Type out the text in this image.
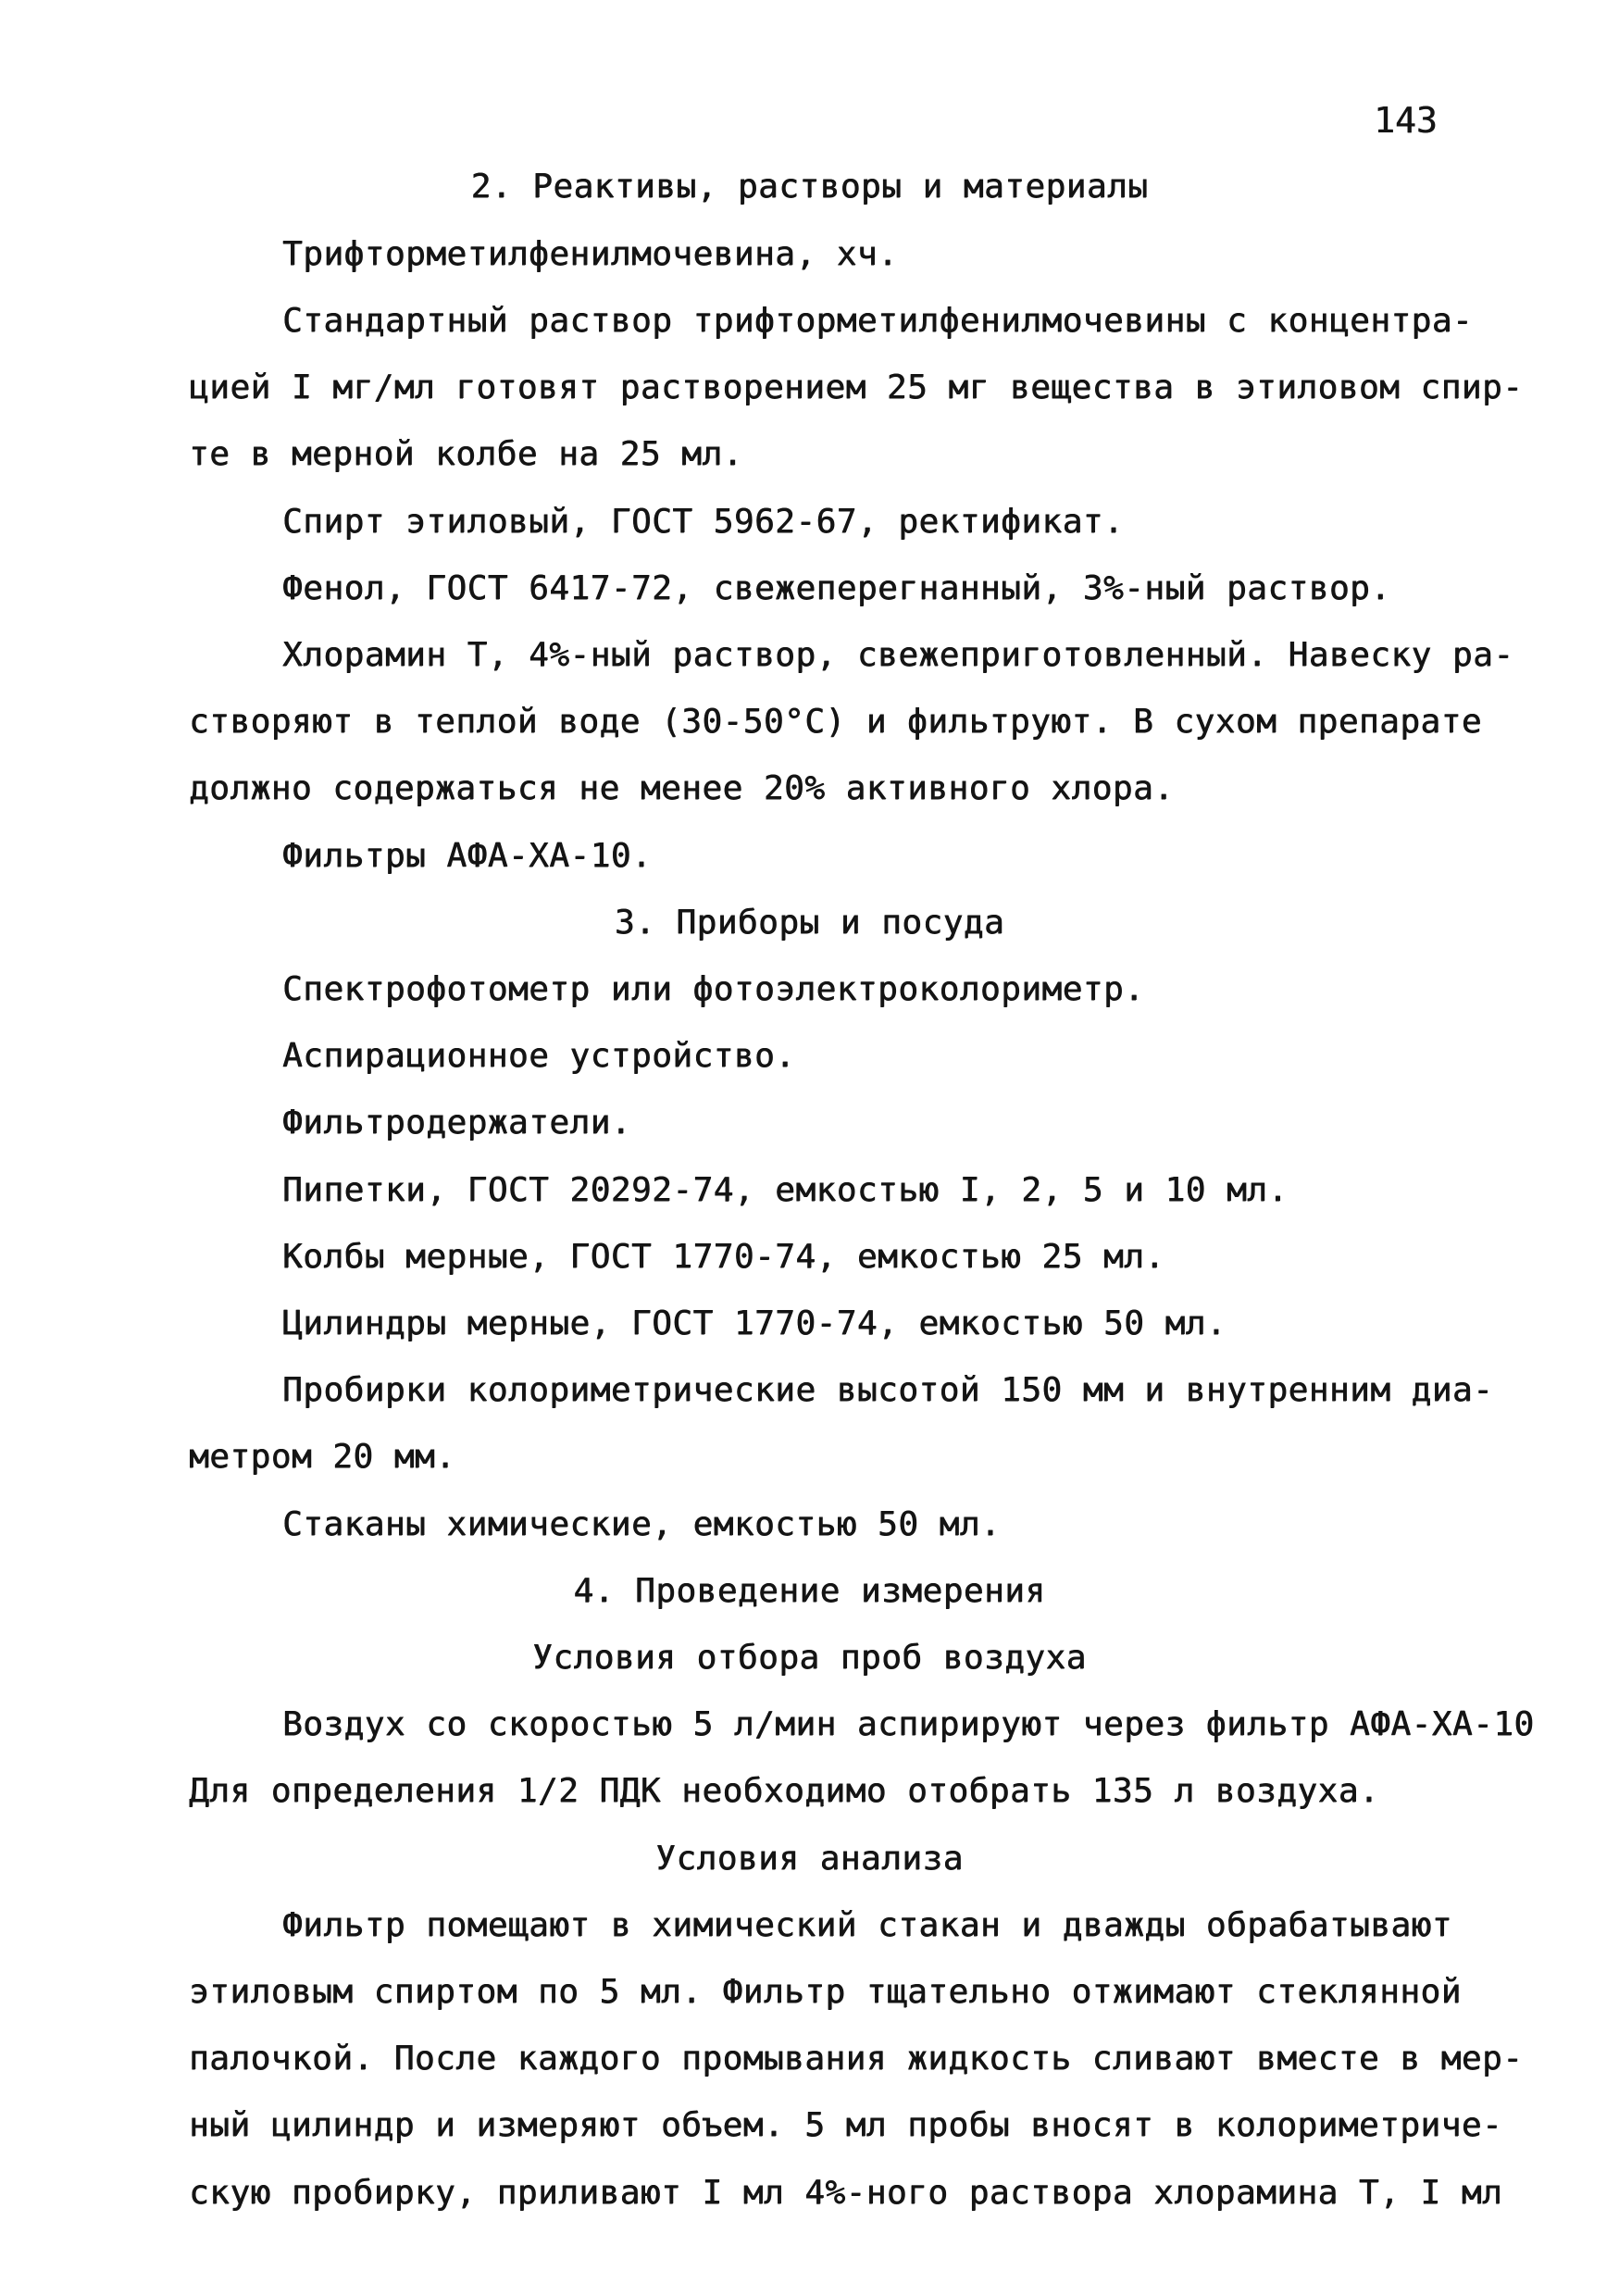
143
2. Реактивы, растворы и материалы
Трифторметилфенилмочевина, хч.
Стандартный раствор трифторметилфенилмочевины с концентра-
цией I мг/мл готовят растворением 25 мг вещества в этиловом спир-
те в мерной колбе на 25 мл.
Спирт этиловый, ГОСТ 5962-67, ректификат.
Фенол, ГОСТ 6417-72, свежеперегнанный, 3%-ный раствор.
Хлорамин Т, 4%-ный раствор, свежеприготовленный. Навеску ра-
створяют в теплой воде (30-50°С) и фильтруют. В сухом препарате
должно содержаться не менее 20% активного хлора.
Фильтры АФА-ХА-10.
3. Приборы и посуда
Спектрофотометр или фотоэлектроколориметр.
Аспирационное устройство.
Фильтродержатели.
Пипетки, ГОСТ 20292-74, емкостью I, 2, 5 и 10 мл.
Колбы мерные, ГОСТ 1770-74, емкостью 25 мл.
Цилиндры мерные, ГОСТ 1770-74, емкостью 50 мл.
Пробирки колориметрические высотой 150 мм и внутренним диа-
метром 20 мм.
Стаканы химические, емкостью 50 мл.
4. Проведение измерения
Условия отбора проб воздуха
Воздух со скоростью 5 л/мин аспирируют через фильтр АФА-ХА-10
Для определения 1/2 ПДК необходимо отобрать 135 л воздуха.
Условия анализа
Фильтр помещают в химический стакан и дважды обрабатывают
этиловым спиртом по 5 мл. Фильтр тщательно отжимают стеклянной
палочкой. После каждого промывания жидкость сливают вместе в мер-
ный цилиндр и измеряют объем. 5 мл пробы вносят в колориметриче-
скую пробирку, приливают I мл 4%-ного раствора хлорамина Т, I мл
